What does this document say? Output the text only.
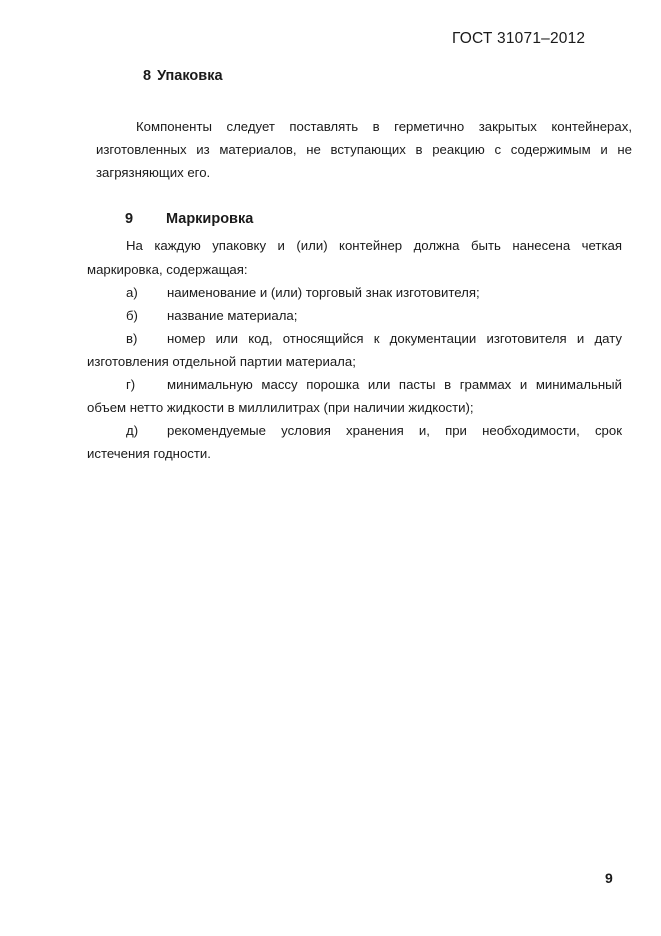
ГОСТ 31071–2012
8 Упаковка
Компоненты следует поставлять в герметично закрытых контейнерах,
изготовленных из материалов, не вступающих в реакцию с содержимым и не
загрязняющих его.
9 Маркировка
На каждую упаковку и (или) контейнер должна быть нанесена четкая
маркировка, содержащая:
а) наименование и (или) торговый знак изготовителя;
б) название материала;
в) номер или код, относящийся к документации изготовителя и дату
изготовления отдельной партии материала;
г) минимальную массу порошка или пасты в граммах и минимальный
объем нетто жидкости в миллилитрах (при наличии жидкости);
д) рекомендуемые условия хранения и, при необходимости, срок
истечения годности.
9
